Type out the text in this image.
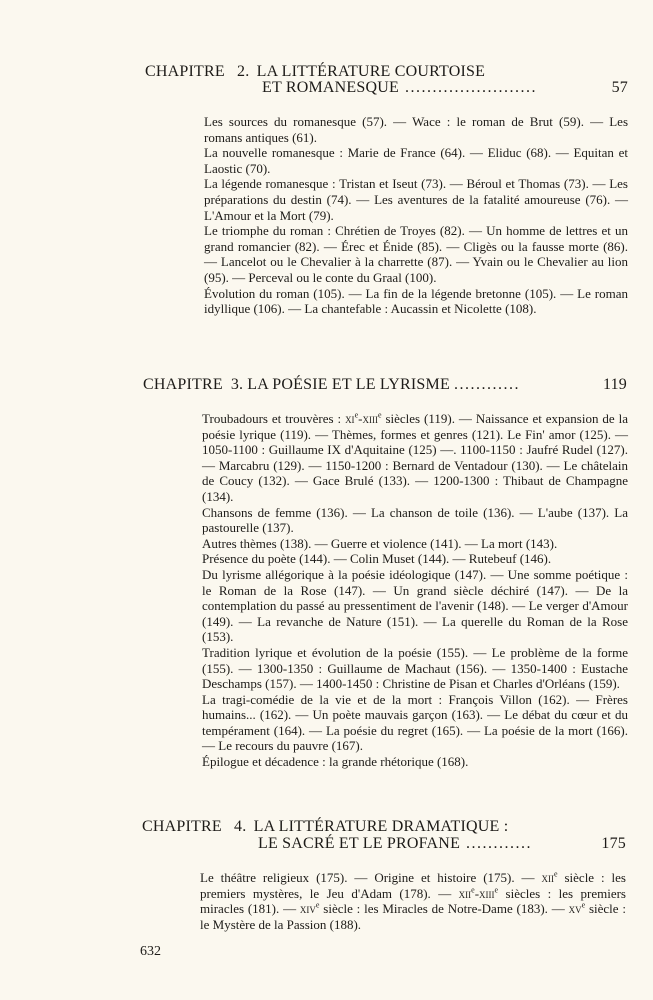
CHAPITRE 2. LA LITTÉRATURE COURTOISE
ET ROMANESQUE ........................	57

Les sources du romanesque (57). — Wace : le roman de Brut (59). — Les romans antiques (61).

La nouvelle romanesque : Marie de France (64). — Eliduc (68). — Equitan et Laostic (70).

La légende romanesque : Tristan et Iseut (73). — Béroul et Thomas (73). — Les préparations du destin (74). — Les aventures de la fatalité amoureuse (76). — L'Amour et la Mort (79).

Le triomphe du roman : Chrétien de Troyes (82). — Un homme de lettres et un grand romancier (82). — Érec et Énide (85). — Cligès ou la fausse morte (86). — Lancelot ou le Chevalier à la charrette (87). — Yvain ou le Chevalier au lion (95). — Perceval ou le conte du Graal (100).

Évolution du roman (105). — La fin de la légende bretonne (105). — Le roman idyllique (106). — La chantefable : Aucassin et Nicolette (108).

CHAPITRE 3. LA POÉSIE ET LE LYRISME ............	119

Troubadours et trouvères : $xi^e-xiii^e$ siècles (119). — Naissance et expansion de la poésie lyrique (119). — Thèmes, formes et genres (121). Le Fin' amor (125). — 1050-1100 : Guillaume IX d'Aquitaine (125) —. 1100-1150 : Jaufré Rudel (127). — Marcabru (129). — 1150-1200 : Bernard de Ventadour (130). — Le châtelain de Coucy (132). — Gace Brulé (133). — 1200-1300 : Thibaut de Champagne (134).

Chansons de femme (136). — La chanson de toile (136). — L'aube (137). La pastourelle (137).

Autres thèmes (138). — Guerre et violence (141). — La mort (143).

Présence du poète (144). — Colin Muset (144). — Rutebeuf (146).

Du lyrisme allégorique à la poésie idéologique (147). — Une somme poétique : le Roman de la Rose (147). — Un grand siècle déchiré (147). — De la contemplation du passé au pressentiment de l'avenir (148). — Le verger d'Amour (149). — La revanche de Nature (151). — La querelle du Roman de la Rose (153).

Tradition lyrique et évolution de la poésie (155). — Le problème de la forme (155). — 1300-1350 : Guillaume de Machaut (156). — 1350-1400 : Eustache Deschamps (157). — 1400-1450 : Christine de Pisan et Charles d'Orléans (159).

La tragi-comédie de la vie et de la mort : François Villon (162). — Frères humains... (162). — Un poète mauvais garçon (163). — Le débat du cœur et du tempérament (164). — La poésie du regret (165). — La poésie de la mort (166). — Le recours du pauvre (167).

Épilogue et décadence : la grande rhétorique (168).

CHAPITRE 4. LA LITTÉRATURE DRAMATIQUE :
LE SACRÉ ET LE PROFANE ............	175

Le théâtre religieux (175). — Origine et histoire (175). — xii$^e$ siècle : les premiers mystères, le Jeu d'Adam (178). — xii$^e$-xiii$^e$ siècles : les premiers miracles (181). — xiv$^e$ siècle : les Miracles de Notre-Dame (183). — $xv^e$ siècle : le Mystère de la Passion (188).

632
